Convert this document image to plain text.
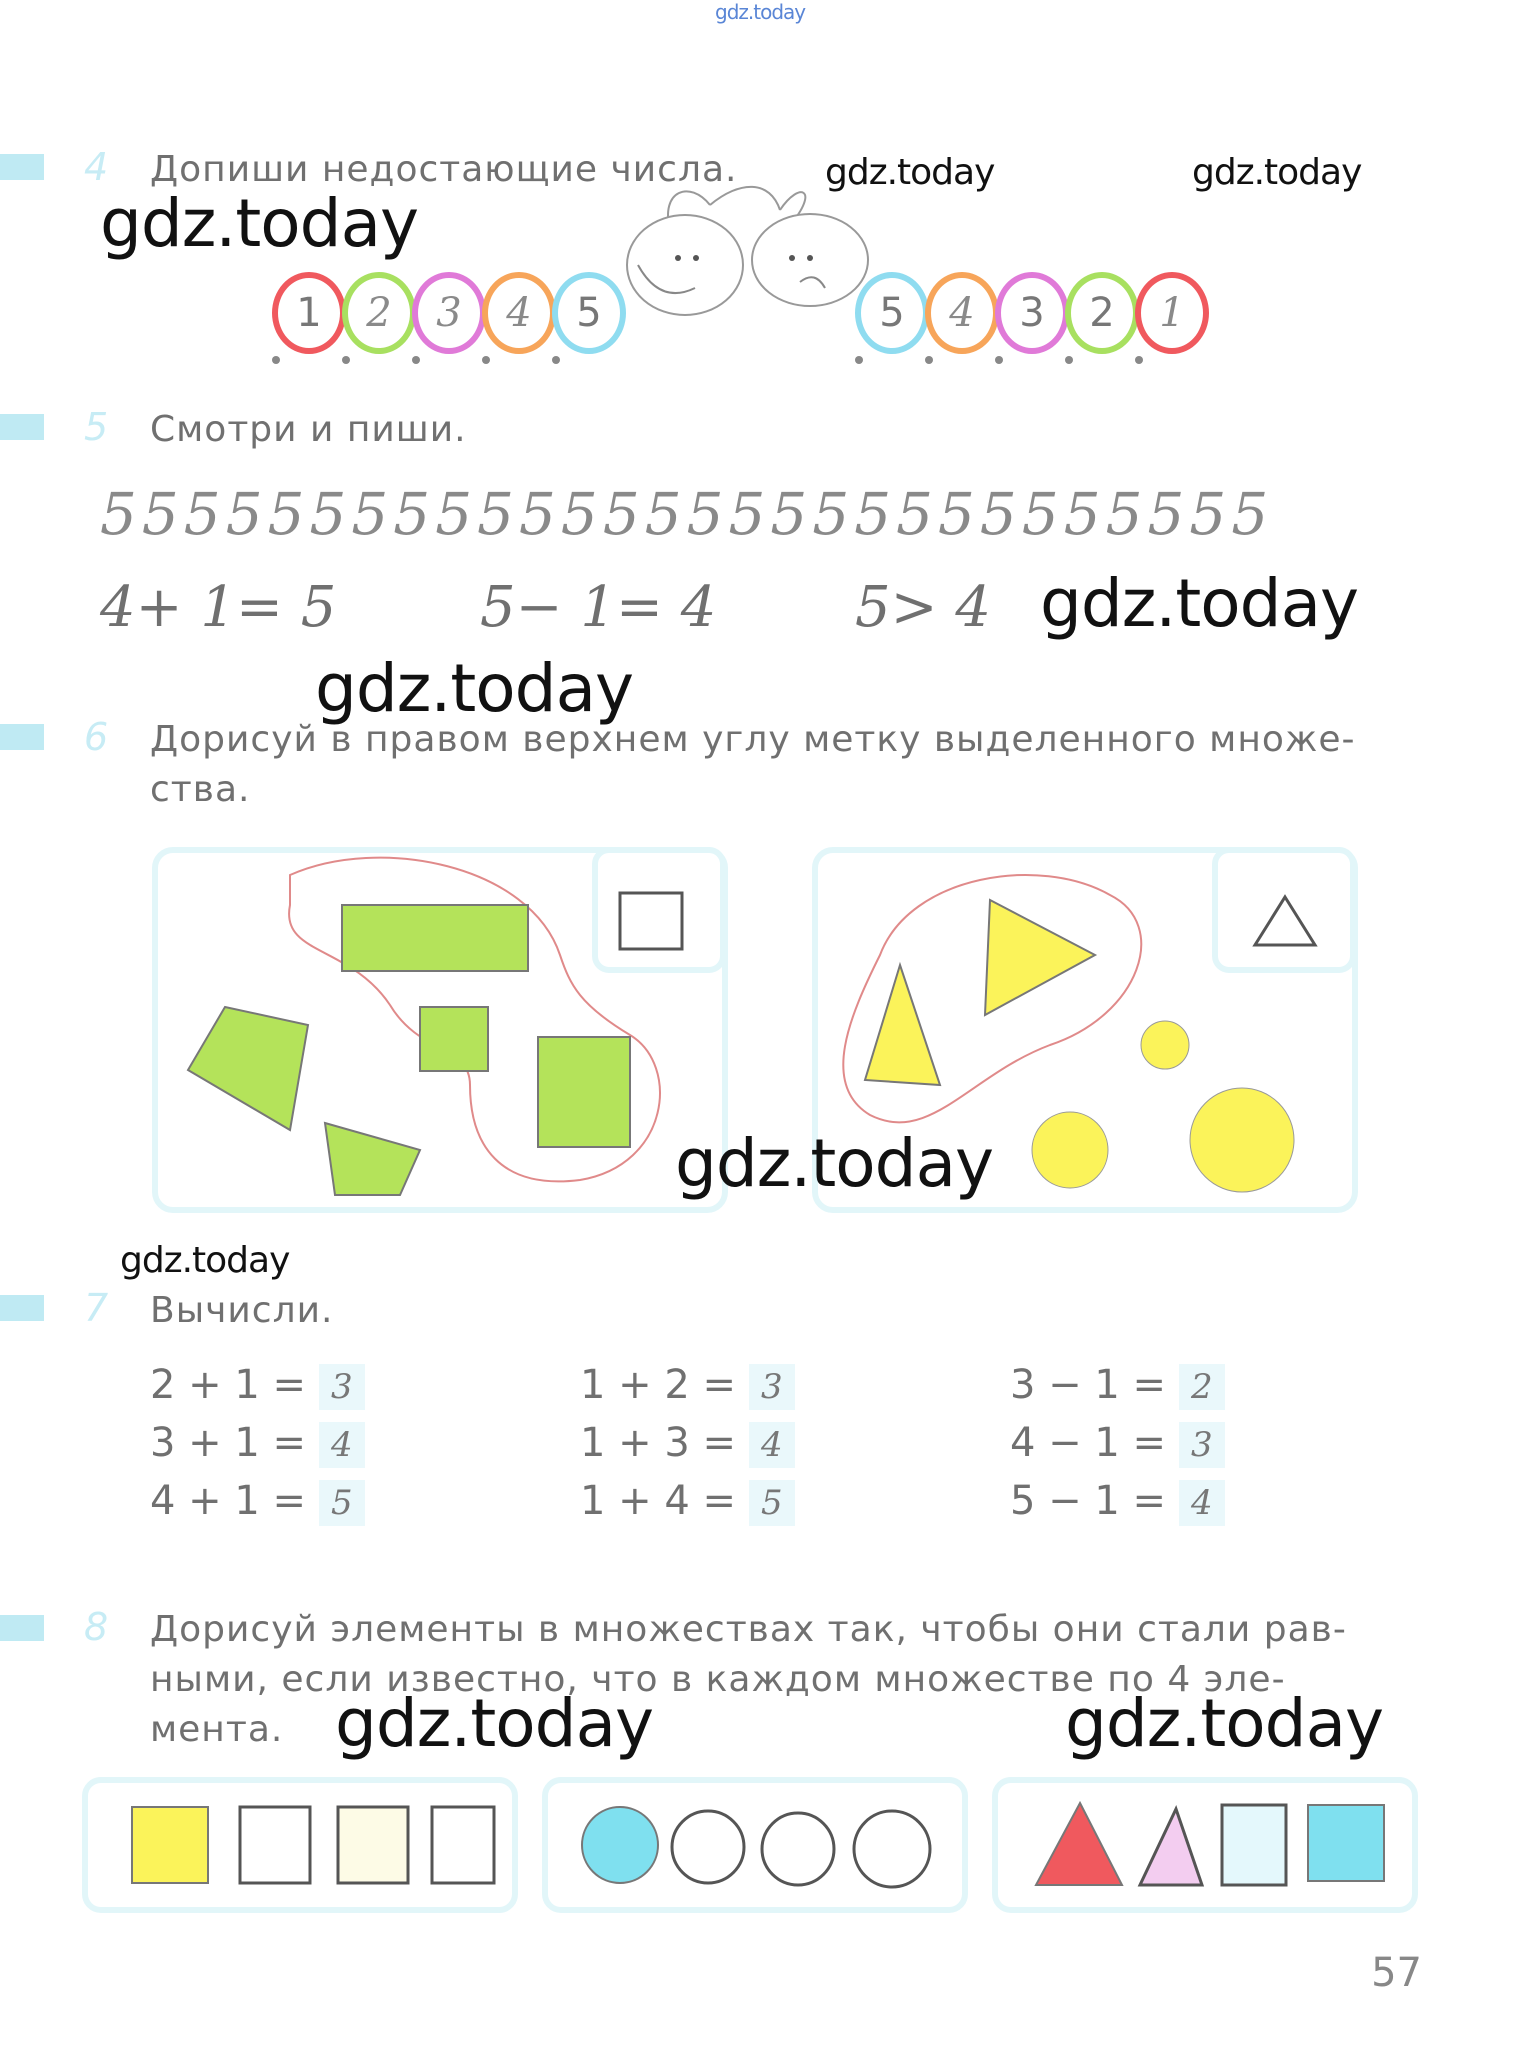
gdz.today
4 Допиши недостающие числа.
gdz.today
gdz.today	gdz.today
1	2	3	4	5	5	4	3	2	1
5 Смотри и пиши.
5555555555555555555555555555
4+ 1= 5	5− 1= 4 5> 4 gdz.today
gdz.today
6 Дорисуй в правом верхнем углу метку выделенного множе-
ства.
gdz.today
gdz.today
7 Вычисли.
2 + 1 = 3
3 + 1 = 4
4 + 1 = 5
1 + 2 = 3
1 + 3 = 4
1 + 4 = 5
3 − 1 = 2
4 − 1 = 3
5 − 1 = 4
8 Дорисуй элементы в множествах так, чтобы они стали рав-
ными, если известно, что в каждом множестве по 4 эле-
мента. gdz.today	gdz.today
57
